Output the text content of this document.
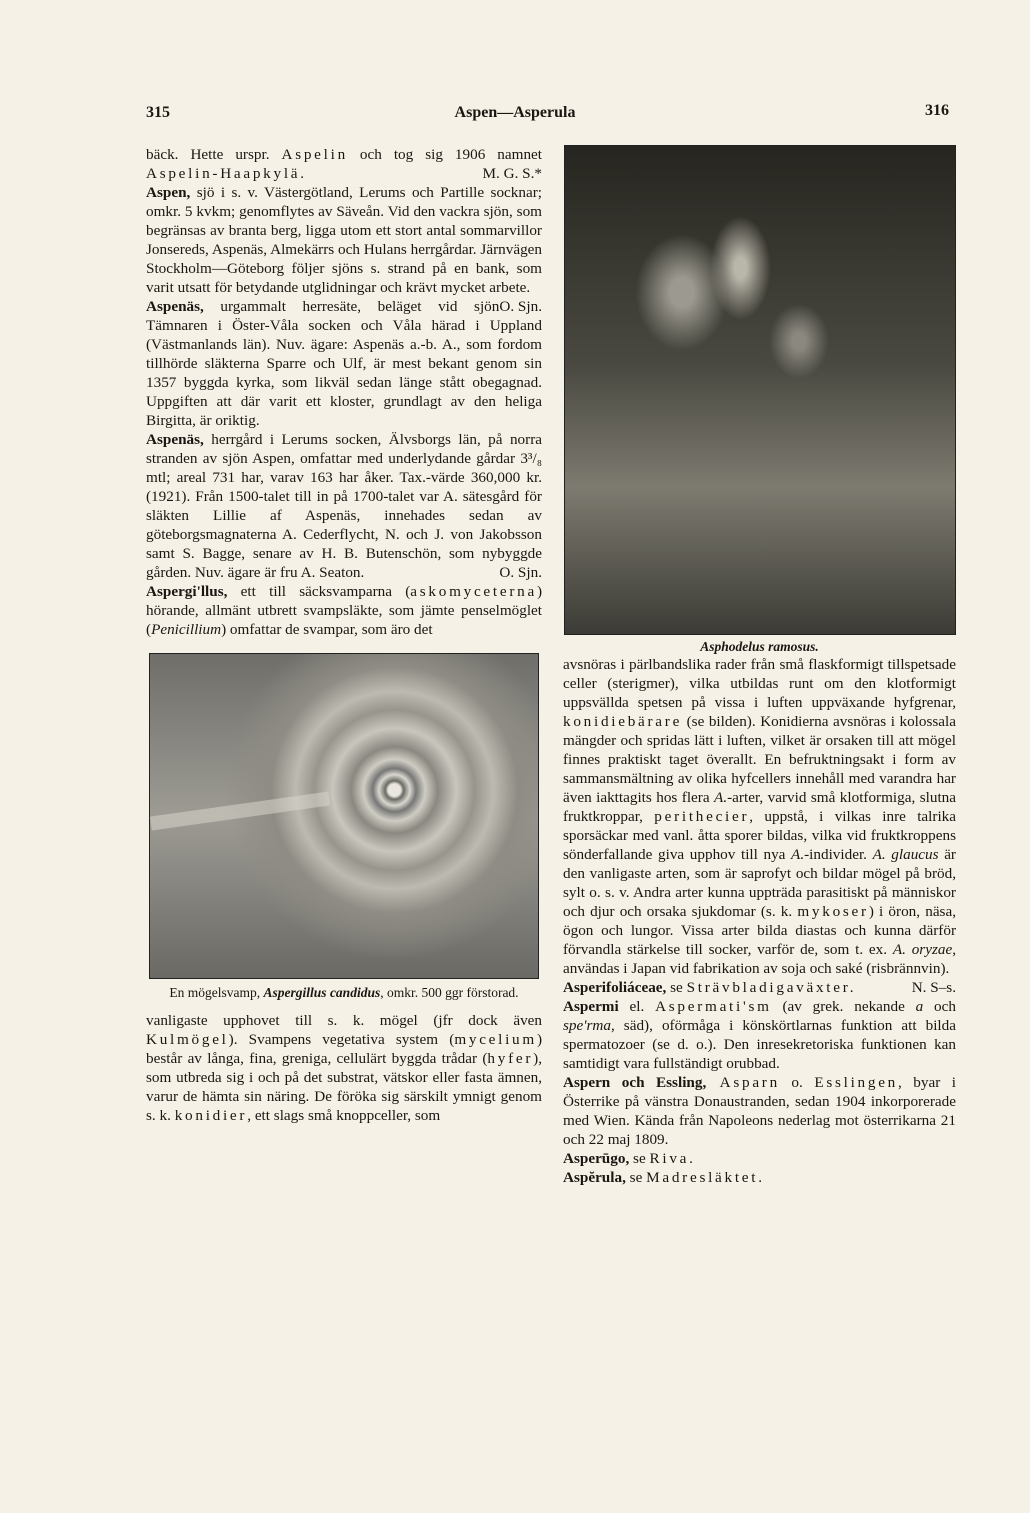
315	Aspen—Asperula	316

bäck. Hette urspr. Aspelin och tog sig 1906 namnet Aspelin-Haapkylä.	M. G. S.*

Aspen, sjö i s. v. Västergötland, Lerums och Partille socknar; omkr. 5 kvkm; genomflytes av Säveån. Vid den vackra sjön, som begränsas av branta berg, ligga utom ett stort antal sommarvillor Jonsereds, Aspenäs, Almekärrs och Hulans herrgårdar. Järnvägen Stockholm—Göteborg följer sjöns s. strand på en bank, som varit utsatt för betydande utglidningar och krävt mycket arbete.
O. Sjn.

Aspenäs, urgammalt herresäte, beläget vid sjön Tämnaren i Öster-Våla socken och Våla härad i Uppland (Västmanlands län). Nuv. ägare: Aspenäs a.-b. A., som fordom tillhörde släkterna Sparre och Ulf, är mest bekant genom sin 1357 byggda kyrka, som likväl sedan länge stått obegagnad. Uppgiften att där varit ett kloster, grundlagt av den heliga Birgitta, är oriktig.

Aspenäs, herrgård i Lerums socken, Älvsborgs län, på norra stranden av sjön Aspen, omfattar med underlydande gårdar 3³/₈ mtl; areal 731 har, varav 163 har åker. Tax.-värde 360,000 kr. (1921). Från 1500-talet till in på 1700-talet var A. sätesgård för släkten Lillie af Aspenäs, innehades sedan av göteborgsmagnaterna A. Cederflycht, N. och J. von Jakobsson samt S. Bagge, senare av H. B. Butenschön, som nybyggde gården. Nuv. ägare är fru A. Seaton.	O. Sjn.

Aspergi'llus, ett till säcksvamparna (askomyceterna) hörande, allmänt utbrett svampsläkte, som jämte penselmöglet (Penicillium) omfattar de svampar, som äro det

En mögelsvamp, Aspergillus candidus, omkr. 500 ggr förstorad.

vanligaste upphovet till s. k. mögel (jfr dock även Kulmögel). Svampens vegetativa system (mycelium) består av långa, fina, greniga, cellulärt byggda trådar (hyfer), som utbreda sig i och på det substrat, vätskor eller fasta ämnen, varur de hämta sin näring. De föröka sig särskilt ymnigt genom s. k. konidier, ett slags små knoppceller, som

Asphodelus ramosus.

avsnöras i pärlbandslika rader från små flaskformigt tillspetsade celler (sterigmer), vilka utbildas runt om den klotformigt uppsvällda spetsen på vissa i luften uppväxande hyfgrenar, konidiebärare (se bilden). Konidierna avsnöras i kolossala mängder och spridas lätt i luften, vilket är orsaken till att mögel finnes praktiskt taget överallt. En befruktningsakt i form av sammansmältning av olika hyfcellers innehåll med varandra har även iakttagits hos flera A.-arter, varvid små klotformiga, slutna fruktkroppar, perithecier, uppstå, i vilkas inre talrika sporsäckar med vanl. åtta sporer bildas, vilka vid fruktkroppens sönderfallande giva upphov till nya A.-individer. A. glaucus är den vanligaste arten, som är saprofyt och bildar mögel på bröd, sylt o. s. v. Andra arter kunna uppträda parasitiskt på människor och djur och orsaka sjukdomar (s. k. mykoser) i öron, näsa, ögon och lungor. Vissa arter bilda diastas och kunna därför förvandla stärkelse till socker, varför de, som t. ex. A. oryzae, användas i Japan vid fabrikation av soja och saké (risbrännvin).
N. S–s.

Asperifoliáceae, se Strävbladigaväxter.

Aspermi el. Aspermati'sm (av grek. nekande a och spe'rma, säd), oförmåga i könskörtlarnas funktion att bilda spermatozoer (se d. o.). Den inresekretoriska funktionen kan samtidigt vara fullständigt orubbad.

Aspern och Essling, Asparn o. Esslingen, byar i Österrike på vänstra Donaustranden, sedan 1904 inkorporerade med Wien. Kända från Napoleons nederlag mot österrikarna 21 och 22 maj 1809.

Asperūgo, se Riva.

Aspĕrula, se Madresläktet.
